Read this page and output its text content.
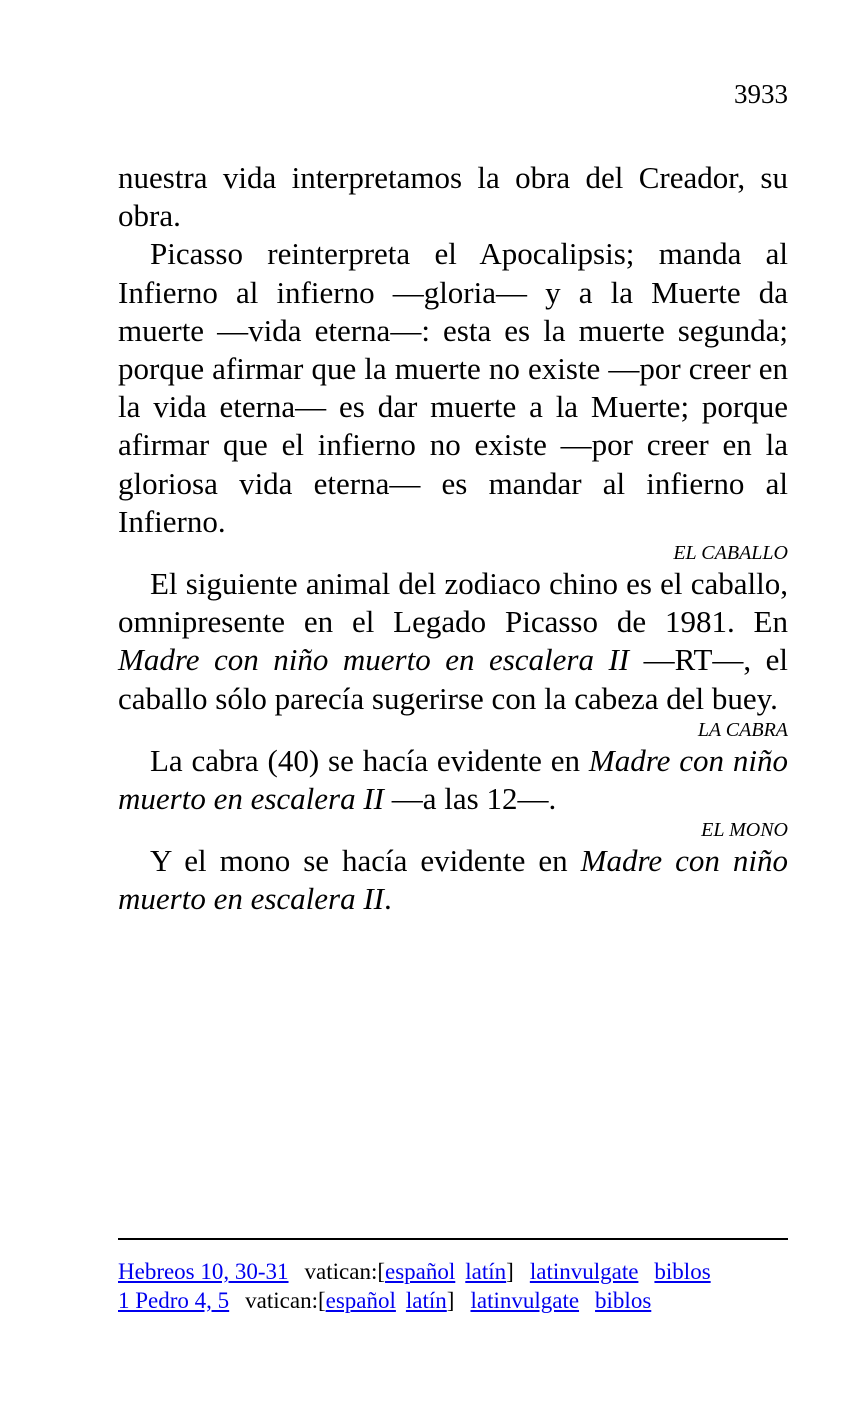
3933

nuestra vida interpretamos la obra del Creador, su obra.

Picasso reinterpreta el Apocalipsis; manda al Infierno al infierno —gloria— y a la Muerte da muerte —vida eterna—: esta es la muerte segunda; porque afirmar que la muerte no existe —por creer en la vida eterna— es dar muerte a la Muerte; porque afirmar que el infierno no existe —por creer en la gloriosa vida eterna— es mandar al infierno al Infierno.

EL CABALLO

El siguiente animal del zodiaco chino es el caballo, omnipresente en el Legado Picasso de 1981. En Madre con niño muerto en escalera II —RT—, el caballo sólo parecía sugerirse con la cabeza del buey.

LA CABRA

La cabra (40) se hacía evidente en Madre con niño muerto en escalera II —a las 12—.

EL MONO

Y el mono se hacía evidente en Madre con niño muerto en escalera II.

Hebreos 10, 30-31 vatican:[español latín] latinvulgate biblos
1 Pedro 4, 5 vatican:[español latín] latinvulgate biblos
